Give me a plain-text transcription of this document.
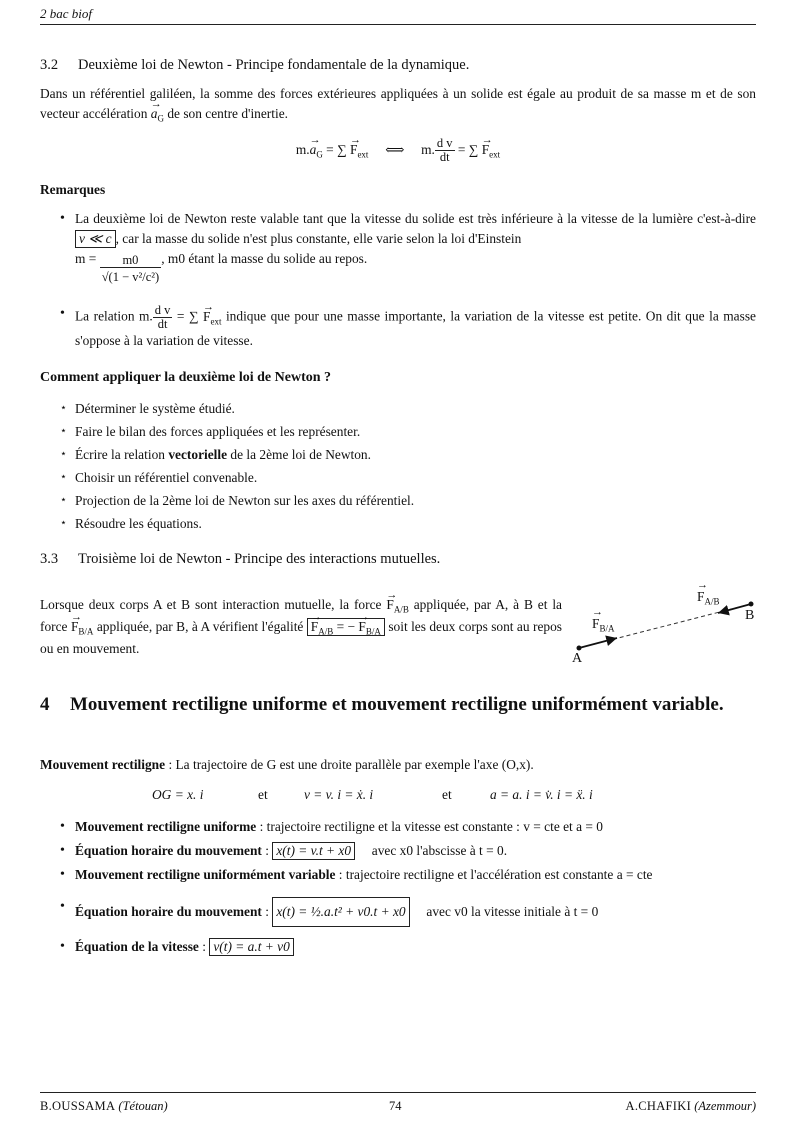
2 bac biof
3.2 Deuxième loi de Newton - Principe fondamentale de la dynamique.
Dans un référentiel galiléen, la somme des forces extérieures appliquées à un solide est égale au produit de sa masse m et de son vecteur accélération → $a_G$ de son centre d'inertie.
$m.\to a_G$ = ∑ → $F_{ext}$ ⟺ m. $\frac{\text{d v}}{dt}$ = ∑ → $F_{ext}$
Remarques
• La deuxième loi de Newton reste valable tant que la vitesse du solide est très inférieure à la vitesse de la lumière c'est-à-dire v ≪ c , car la masse du solide n'est plus constante, elle varie selon la loi d'Einstein
$m = \frac{m0}{\text{√(1 − v²/c²)}}$ , m0 étant la masse du solide au repos.
• La relation m. $\frac{\text{d v}}{dt}$ = ∑ → $F_{ext}$ indique que pour une masse importante, la variation de la vitesse est petite. On dit que la masse s'oppose à la variation de vitesse.
Comment appliquer la deuxième loi de Newton ?
⋆ Déterminer le système étudié.
⋆ Faire le bilan des forces appliquées et les représenter.
⋆ Écrire la relation vectorielle de la 2ème loi de Newton.
⋆ Choisir un référentiel convenable.
⋆ Projection de la 2ème loi de Newton sur les axes du référentiel.
⋆ Résoudre les équations.
3.3 Troisième loi de Newton - Principe des interactions mutuelles.
Lorsque deux corps A et B sont interaction mutuelle, la force → $F_{A/B}$ appliquée, par A, à B et la force → $F_{B/A}$ appliquée, par B, à A vérifient l'égalité → $F_{A/B}$ = − → $F_{B/A}$ soit les deux corps sont au repos ou en mouvement.
A
B
→ $F_{B/A}$
→ $F_{A/B}$
4 Mouvement rectiligne uniforme et mouvement rectiligne uniformément variable.
Mouvement rectiligne : La trajectoire de G est une droite parallèle par exemple l'axe (O,x).
OG = x. i	et	v = v. i = ẋ. i	et	a = a. i = v̇. i = ẍ. i
• Mouvement rectiligne uniforme : trajectoire rectiligne et la vitesse est constante : v = cte et a = 0
• Équation horaire du mouvement : x(t) = v.t + x0 avec x0 l'abscisse à t = 0.
• Mouvement rectiligne uniformément variable : trajectoire rectiligne et l'accélération est constante a = cte
• Équation horaire du mouvement : x(t) = ½.a.t² + v0.t + x0 avec v0 la vitesse initiale à t = 0
• Équation de la vitesse : v(t) = a.t + v0
B.OUSSAMA (Tétouan)	74	A.CHAFIKI (Azemmour)
